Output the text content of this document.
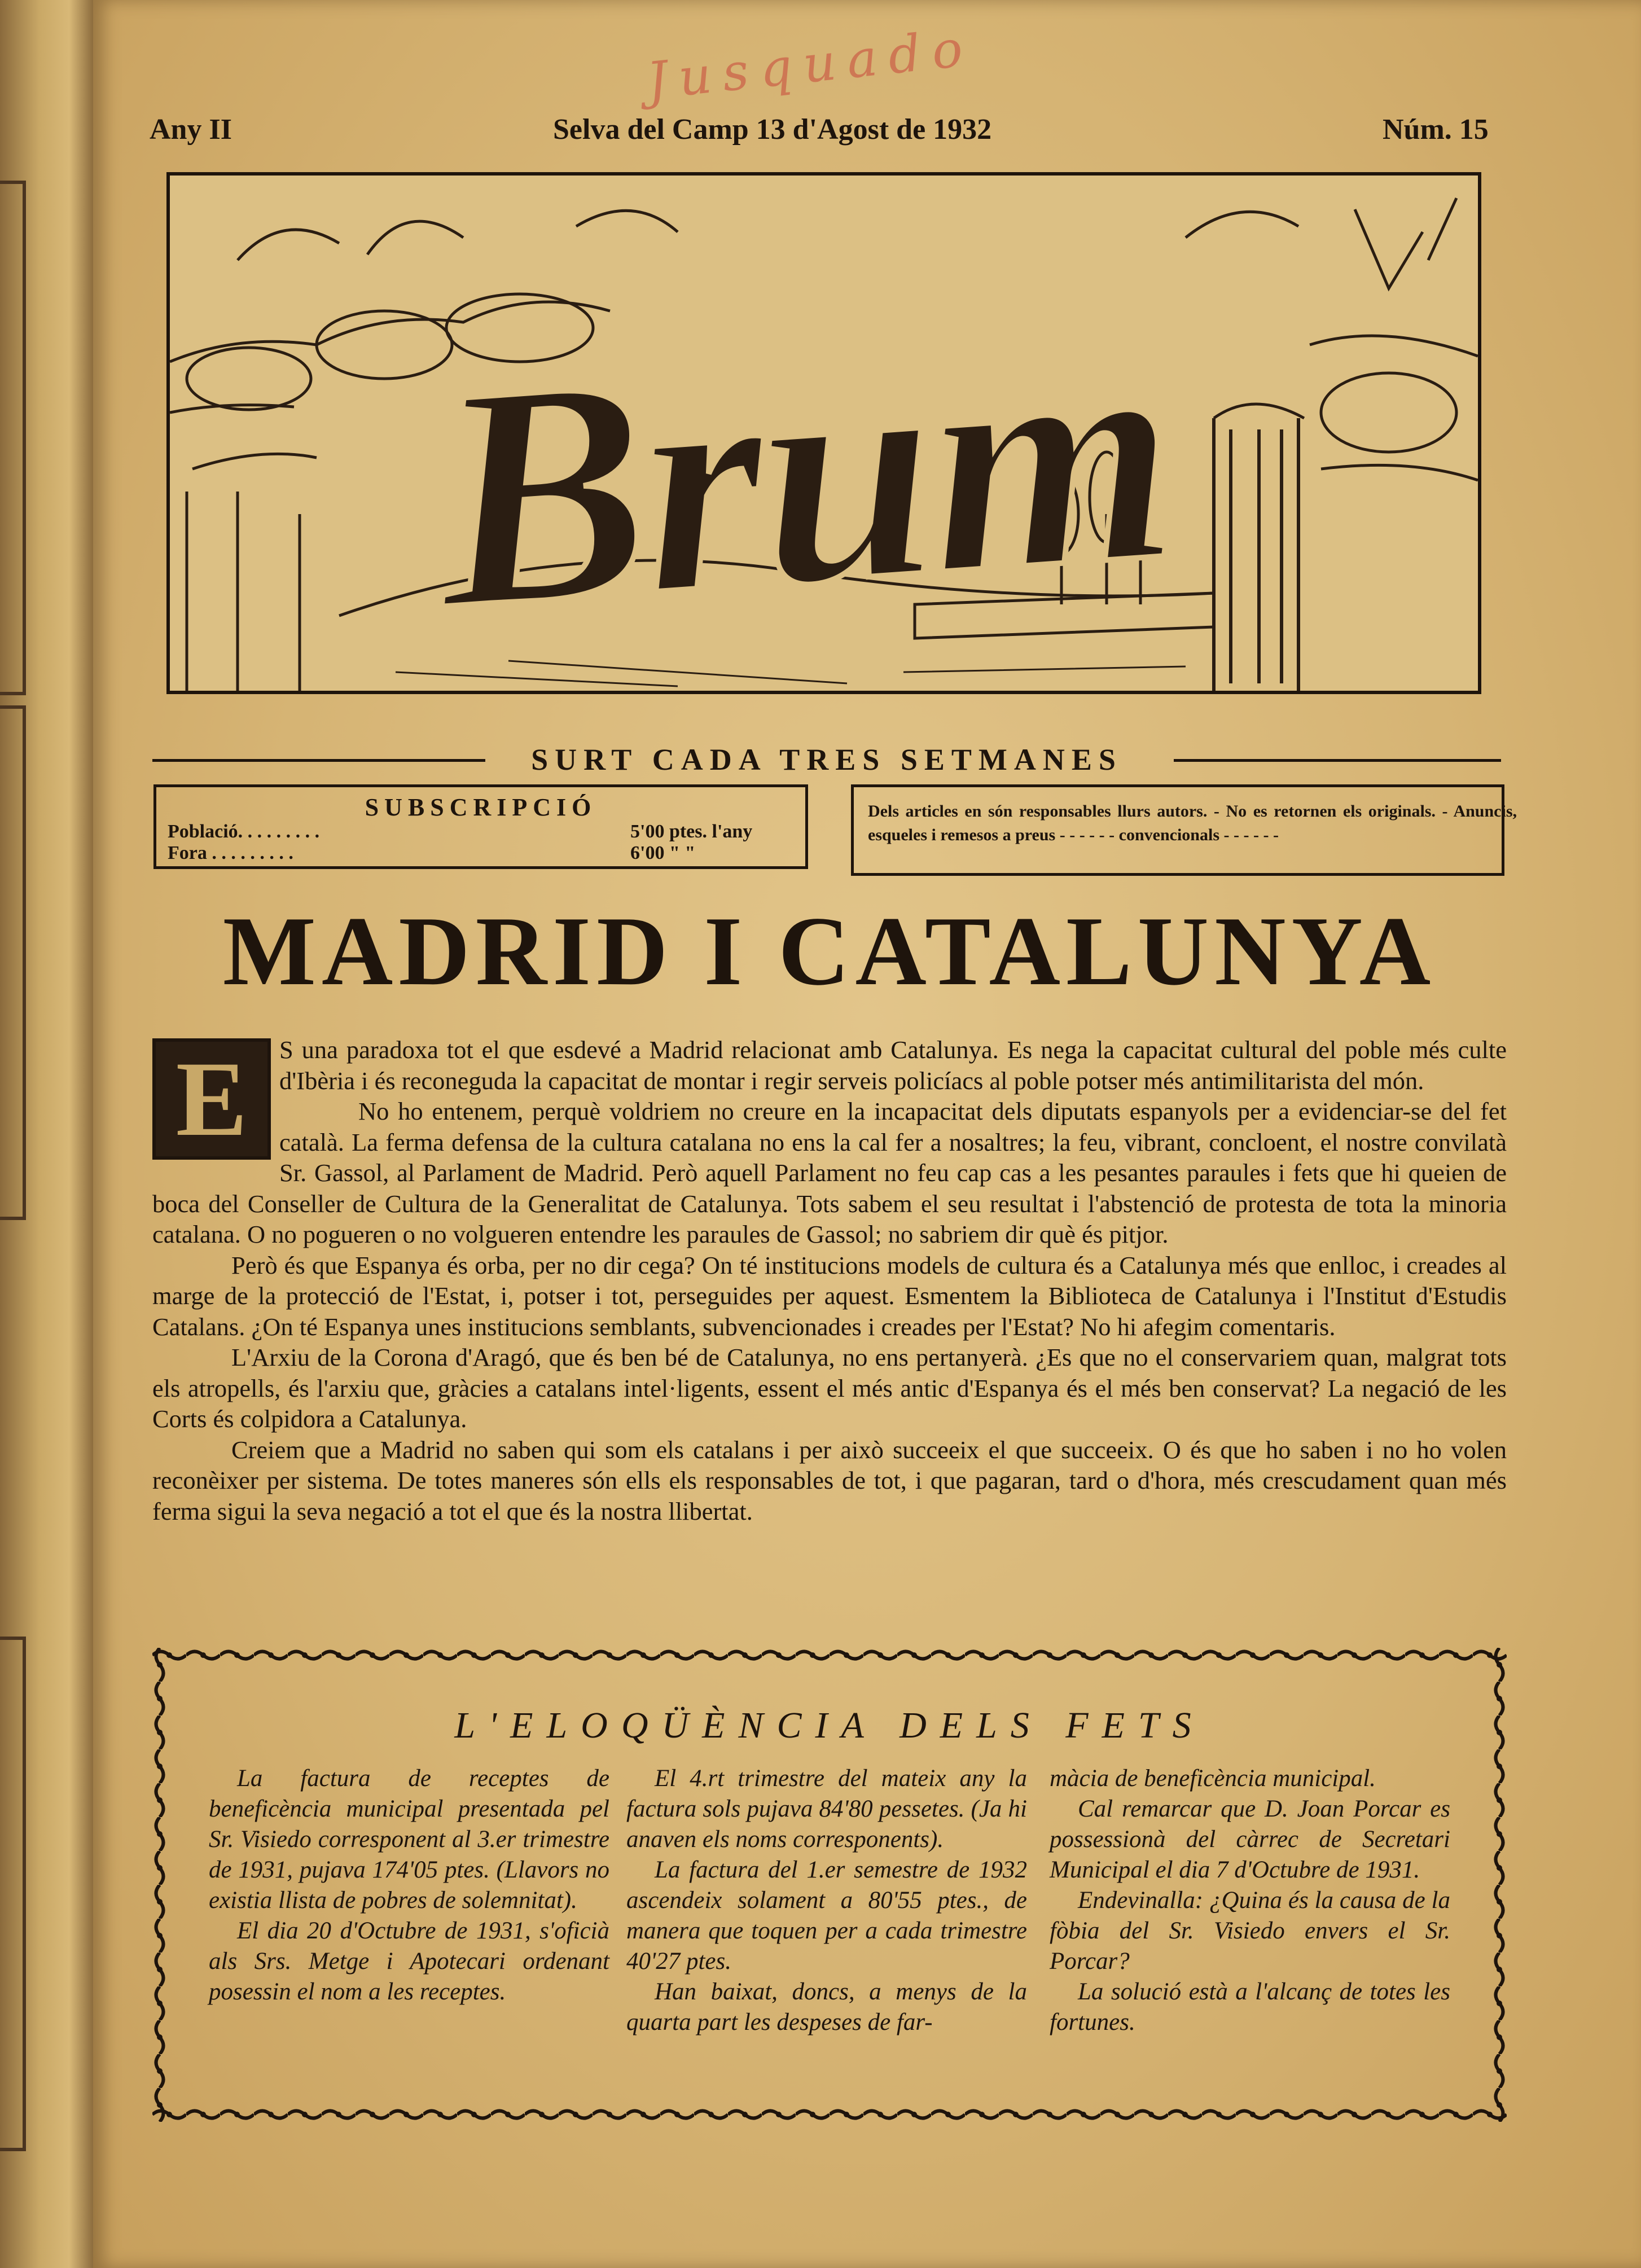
Jusquado
Any II	Selva del Camp 13 d'Agost de 1932	Núm. 15
Brum
SURT CADA TRES SETMANES
SUBSCRIPCIÓ
Població. . . . . . . . .	5'00 ptes. l'any
Fora . . . . . . . . .	6'00 " "
Dels articles en són responsables llurs autors. - No es retornen els originals. - Anuncis, esqueles i remesos a preus - - - - - - convencionals - - - - - -
MADRID I CATALUNYA
E	S una paradoxa tot el que esdevé a Madrid relacionat amb Catalunya. Es nega la capacitat cultural del poble més culte d'Ibèria i és reconeguda la capacitat de montar i regir serveis policíacs al poble potser més antimilitarista del món.

No ho entenem, perquè voldriem no creure en la incapacitat dels diputats espanyols per a evidenciar-se del fet català. La ferma defensa de la cultura catalana no ens la cal fer a nosaltres; la feu, vibrant, concloent, el nostre convilatà Sr. Gassol, al Parlament de Madrid. Però aquell Parlament no feu cap cas a les pesantes paraules i fets que hi queien de boca del Conseller de Cultura de la Generalitat de Catalunya. Tots sabem el seu resultat i l'abstenció de protesta de tota la minoria catalana. O no pogueren o no volgueren entendre les paraules de Gassol; no sabriem dir què és pitjor.

Però és que Espanya és orba, per no dir cega? On té institucions models de cultura és a Catalunya més que enlloc, i creades al marge de la protecció de l'Estat, i, potser i tot, perseguides per aquest. Esmentem la Biblioteca de Catalunya i l'Institut d'Estudis Catalans. ¿On té Espanya unes institucions semblants, subvencionades i creades per l'Estat? No hi afegim comentaris.

L'Arxiu de la Corona d'Aragó, que és ben bé de Catalunya, no ens pertanyerà. ¿Es que no el conservariem quan, malgrat tots els atropells, és l'arxiu que, gràcies a catalans intel·ligents, essent el més antic d'Espanya és el més ben conservat? La negació de les Corts és colpidora a Catalunya.

Creiem que a Madrid no saben qui som els catalans i per això succeeix el que succeeix. O és que ho saben i no ho volen reconèixer per sistema. De totes maneres són ells els responsables de tot, i que pagaran, tard o d'hora, més crescudament quan més ferma sigui la seva negació a tot el que és la nostra llibertat.

L'ELOQÜÈNCIA DELS FETS

La factura de receptes de beneficència municipal presentada pel Sr. Visiedo corresponent al 3.er trimestre de 1931, pujava 174'05 ptes. (Llavors no existia llista de pobres de solemnitat).

El dia 20 d'Octubre de 1931, s'oficià als Srs. Metge i Apotecari ordenant posessin el nom a les receptes.

El 4.rt trimestre del mateix any la factura sols pujava 84'80 pessetes. (Ja hi anaven els noms corresponents).

La factura del 1.er semestre de 1932 ascendeix solament a 80'55 ptes., de manera que toquen per a cada trimestre 40'27 ptes.

Han baixat, doncs, a menys de la quarta part les despeses de far-

màcia de beneficència municipal.

Cal remarcar que D. Joan Porcar es possessionà del càrrec de Secretari Municipal el dia 7 d'Octubre de 1931.

Endevinalla: ¿Quina és la causa de la fòbia del Sr. Visiedo envers el Sr. Porcar?

La solució està a l'alcanç de totes les fortunes.
